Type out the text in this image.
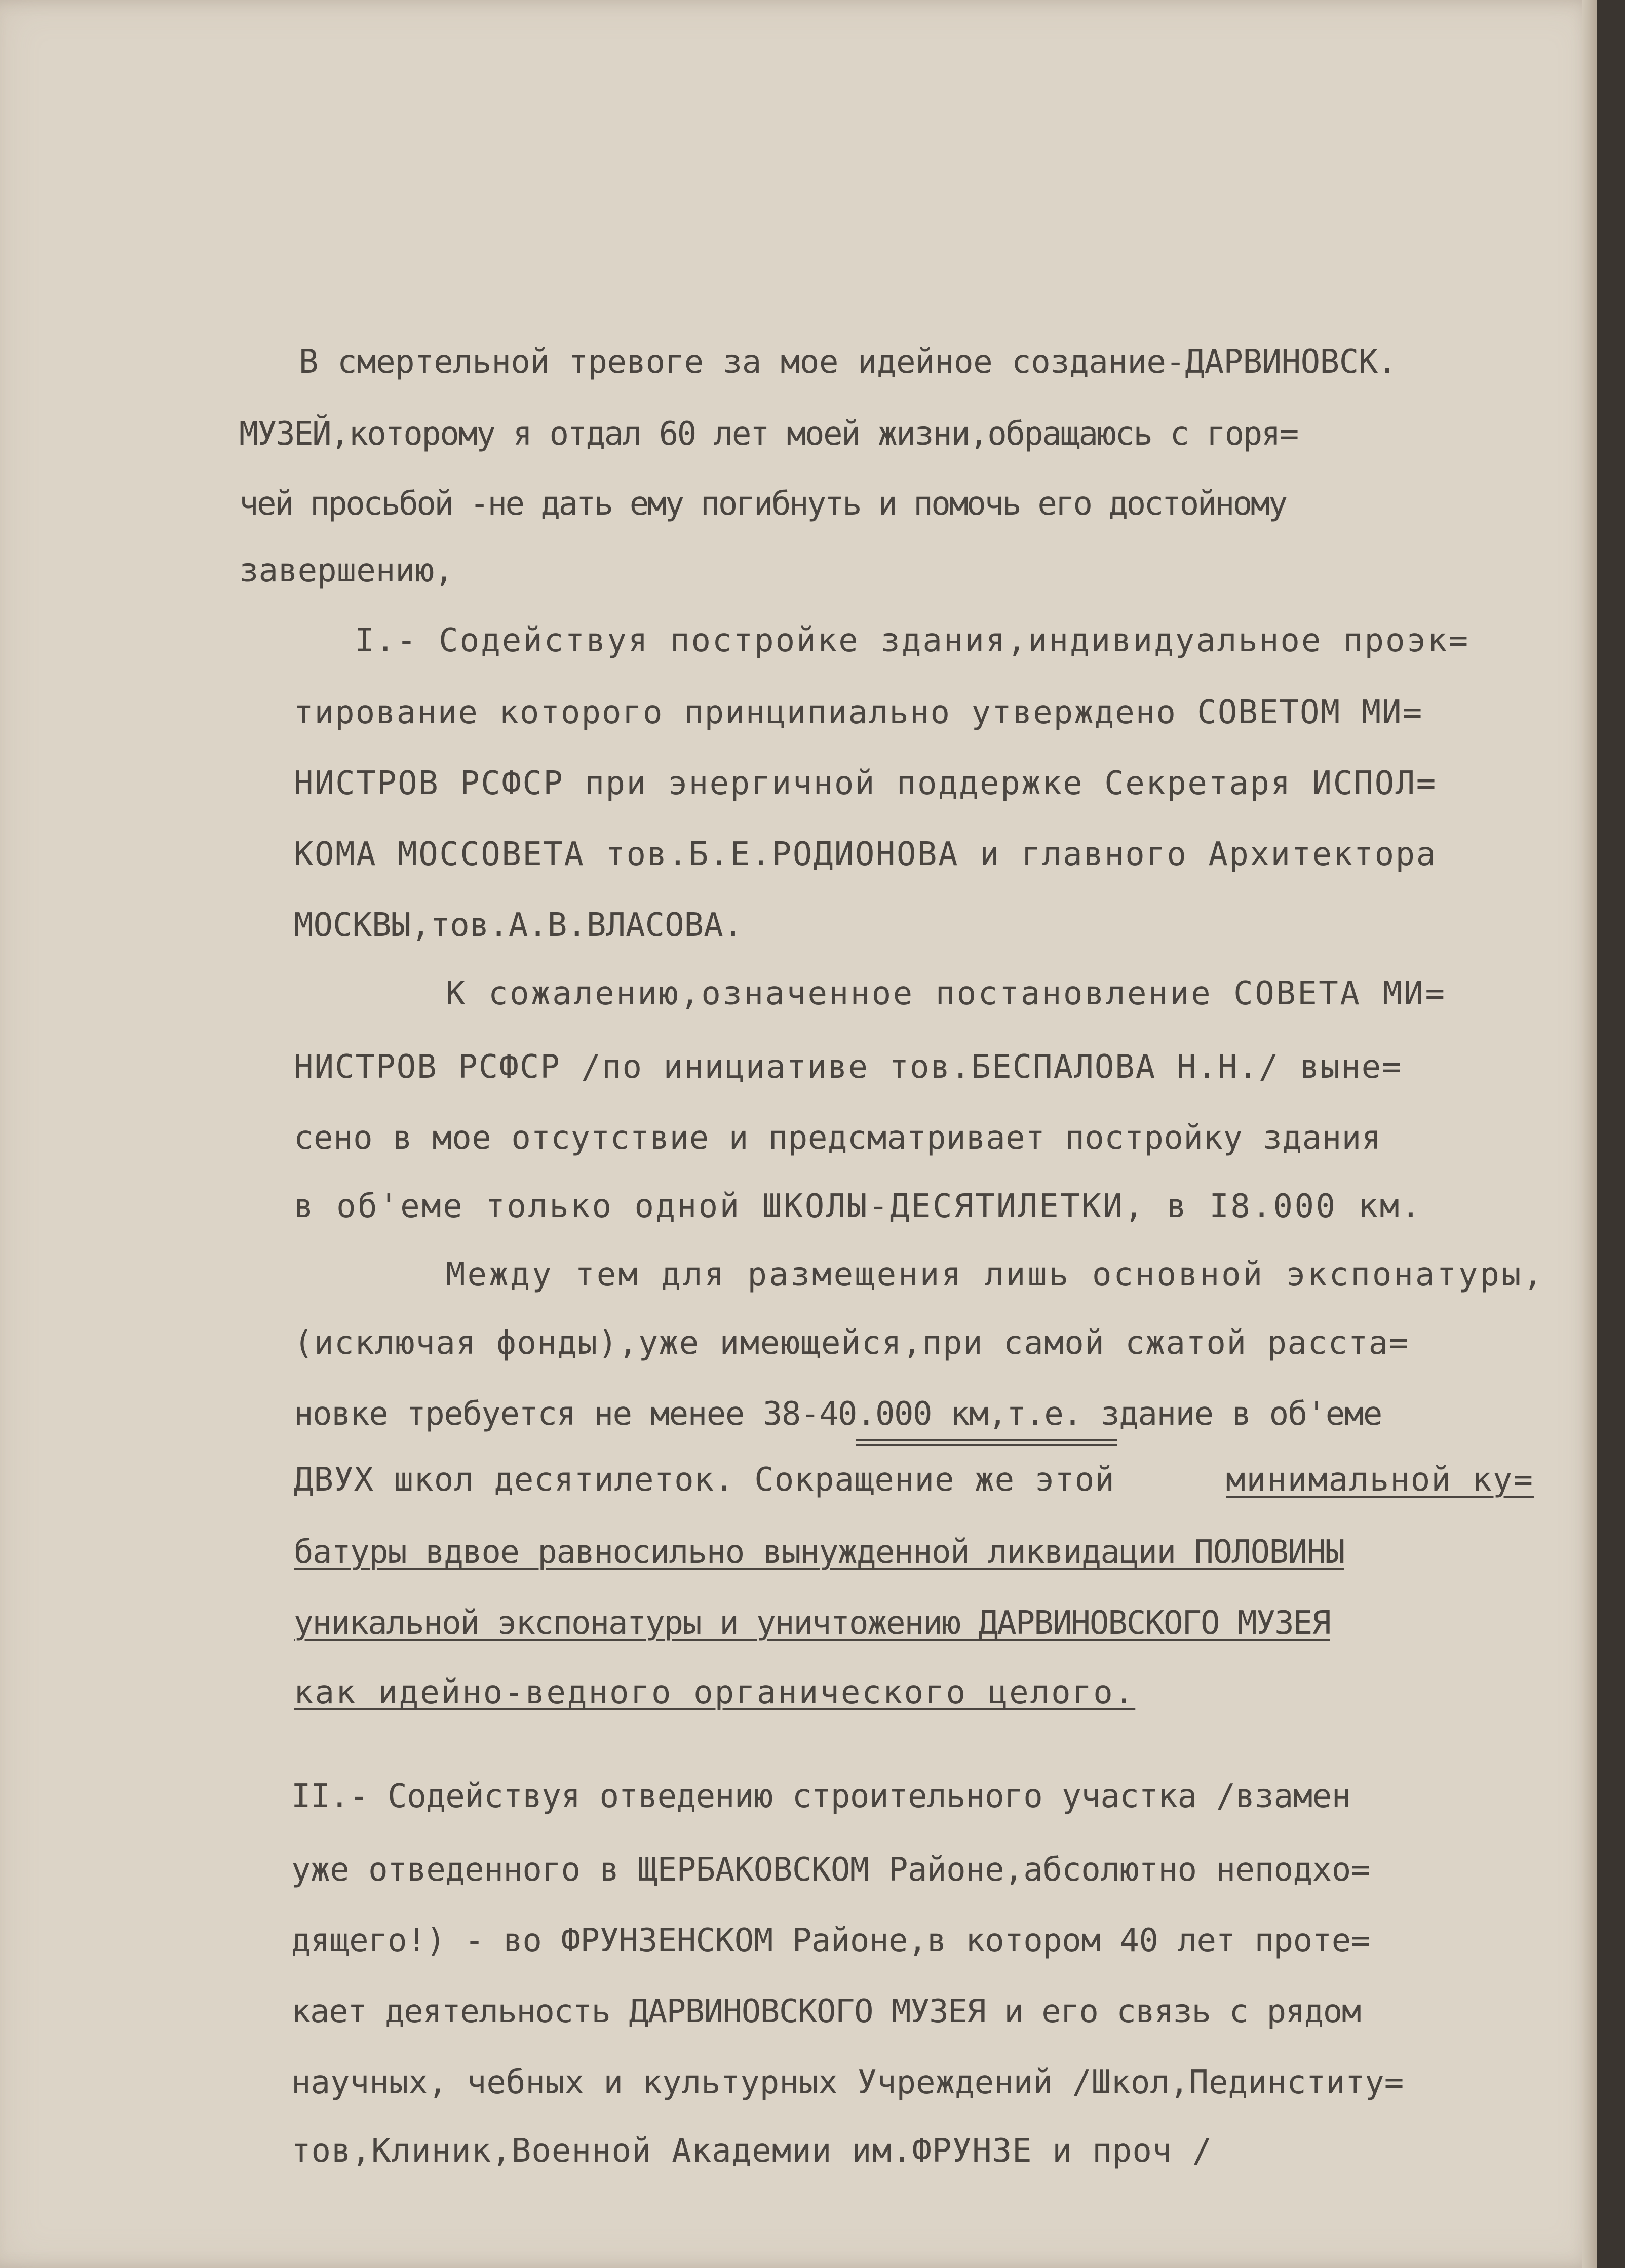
В смертельной тревоге за мое идейное создание-ДАРВИНОВСК.
МУЗЕЙ,которому я отдал 60 лет моей жизни,обращаюсь с горя=
чей просьбой -не дать ему погибнуть и помочь его достойному
завершению,
I.- Содействуя постройке здания,индивидуальное проэк=
тирование которого принципиально утверждено СОВЕТОМ МИ=
НИСТРОВ РСФСР при энергичной поддержке Секретаря ИСПОЛ=
КОМА МОССОВЕТА тов.Б.Е.РОДИОНОВА и главного Архитектора
МОСКВЫ,тов.А.В.ВЛАСОВА.
К сожалению,означенное постановление СОВЕТА МИ=
НИСТРОВ РСФСР /по инициативе тов.БЕСПАЛОВА Н.Н./ выне=
сено в мое отсутствие и предсматривает постройку здания
в об'еме только одной ШКОЛЫ-ДЕСЯТИЛЕТКИ, в I8.000 км.
Между тем для размещения лишь основной экспонатуры,
(исключая фонды),уже имеющейся,при самой сжатой расста=
новке требуется не менее 38-40.000 км,т.е. здание в об'еме
ДВУХ школ десятилеток. Сокращение же этой	минимальной ку=
батуры вдвое равносильно вынужденной ликвидации ПОЛОВИНЫ
уникальной экспонатуры и уничтожению ДАРВИНОВСКОГО МУЗЕЯ
как идейно-ведного органического целого.
II.- Содействуя отведению строительного участка /взамен
уже отведенного в ЩЕРБАКОВСКОМ Районе,абсолютно неподхо=
дящего!) - во ФРУНЗЕНСКОМ Районе,в котором 40 лет проте=
кает деятельность ДАРВИНОВСКОГО МУЗЕЯ и его связь с рядом
научных, чебных и культурных Учреждений /Школ,Пединститу=
тов,Клиник,Военной Академии им.ФРУНЗЕ и проч /
